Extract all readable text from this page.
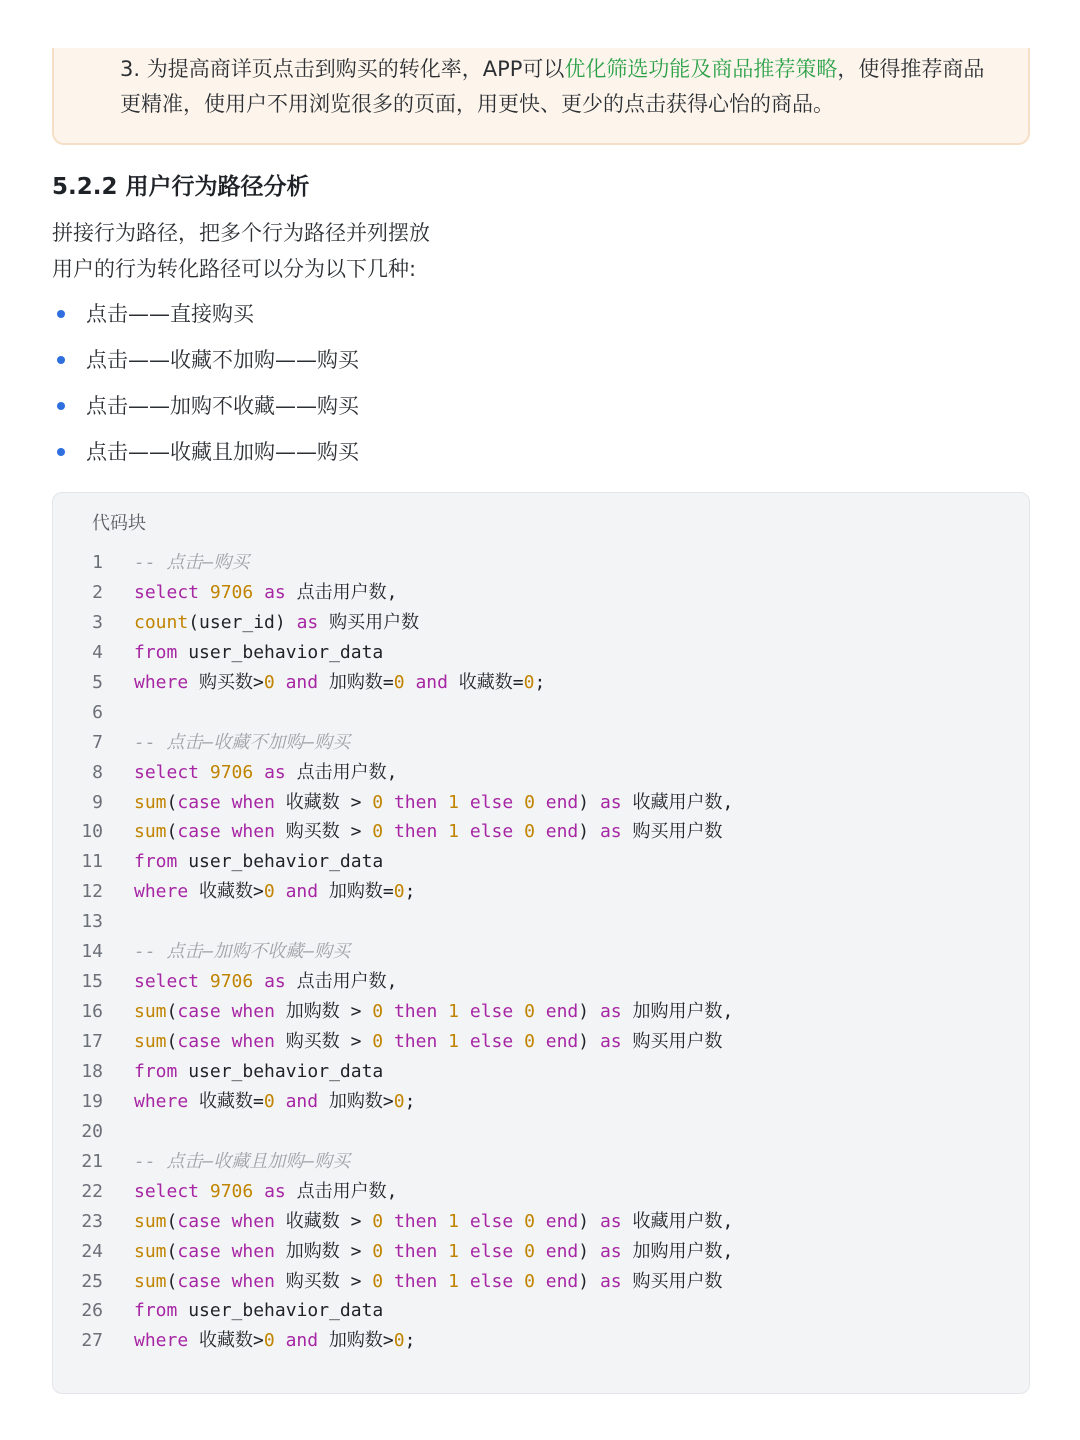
3. 为提高商详页点击到购买的转化率，APP可以优化筛选功能及商品推荐策略，使得推荐商品更精准，使用户不用浏览很多的页面，用更快、更少的点击获得心怡的商品。
5.2.2 用户行为路径分析
拼接行为路径，把多个行为路径并列摆放
用户的行为转化路径可以分为以下几种:
点击——直接购买
点击——收藏不加购——购买
点击——加购不收藏——购买
点击——收藏且加购——购买
代码块
1 -- 点击—购买
2 select 9706 as 点击用户数,
3 count(user_id) as 购买用户数
4 from user_behavior_data
5 where 购买数>0 and 加购数=0 and 收藏数=0;
6
7 -- 点击—收藏不加购—购买
8 select 9706 as 点击用户数,
9 sum(case when 收藏数 > 0 then 1 else 0 end) as 收藏用户数,
10 sum(case when 购买数 > 0 then 1 else 0 end) as 购买用户数
11 from user_behavior_data
12 where 收藏数>0 and 加购数=0;
13
14 -- 点击—加购不收藏—购买
15 select 9706 as 点击用户数,
16 sum(case when 加购数 > 0 then 1 else 0 end) as 加购用户数,
17 sum(case when 购买数 > 0 then 1 else 0 end) as 购买用户数
18 from user_behavior_data
19 where 收藏数=0 and 加购数>0;
20
21 -- 点击—收藏且加购—购买
22 select 9706 as 点击用户数,
23 sum(case when 收藏数 > 0 then 1 else 0 end) as 收藏用户数,
24 sum(case when 加购数 > 0 then 1 else 0 end) as 加购用户数,
25 sum(case when 购买数 > 0 then 1 else 0 end) as 购买用户数
26 from user_behavior_data
27 where 收藏数>0 and 加购数>0;
